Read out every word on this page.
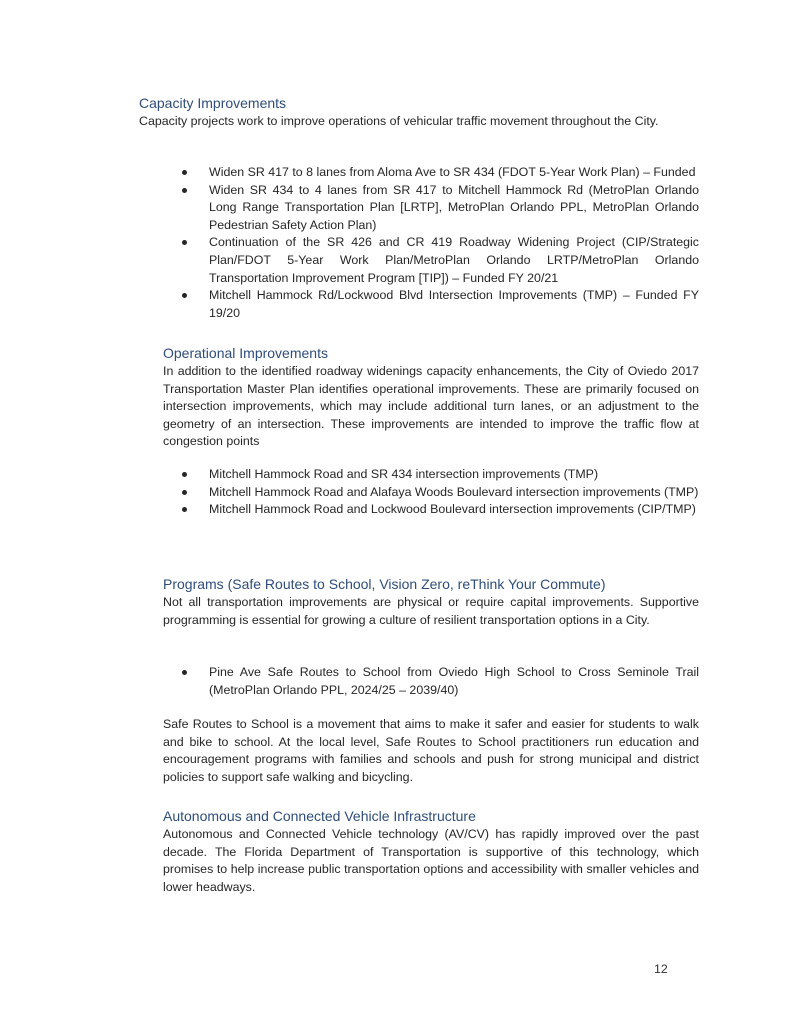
Capacity Improvements

Capacity projects work to improve operations of vehicular traffic movement throughout the City.

Widen SR 417 to 8 lanes from Aloma Ave to SR 434 (FDOT 5-Year Work Plan) – Funded
Widen SR 434 to 4 lanes from SR 417 to Mitchell Hammock Rd (MetroPlan Orlando Long Range Transportation Plan [LRTP], MetroPlan Orlando PPL, MetroPlan Orlando Pedestrian Safety Action Plan)
Continuation of the SR 426 and CR 419 Roadway Widening Project (CIP/Strategic Plan/FDOT 5-Year Work Plan/MetroPlan Orlando LRTP/MetroPlan Orlando Transportation Improvement Program [TIP]) – Funded FY 20/21
Mitchell Hammock Rd/Lockwood Blvd Intersection Improvements (TMP) – Funded FY 19/20
Operational Improvements

In addition to the identified roadway widenings capacity enhancements, the City of Oviedo 2017 Transportation Master Plan identifies operational improvements. These are primarily focused on intersection improvements, which may include additional turn lanes, or an adjustment to the geometry of an intersection. These improvements are intended to improve the traffic flow at congestion points

Mitchell Hammock Road and SR 434 intersection improvements (TMP)
Mitchell Hammock Road and Alafaya Woods Boulevard intersection improvements (TMP)
Mitchell Hammock Road and Lockwood Boulevard intersection improvements (CIP/TMP)
Programs (Safe Routes to School, Vision Zero, reThink Your Commute)

Not all transportation improvements are physical or require capital improvements. Supportive programming is essential for growing a culture of resilient transportation options in a City.

Pine Ave Safe Routes to School from Oviedo High School to Cross Seminole Trail (MetroPlan Orlando PPL, 2024/25 – 2039/40)

Safe Routes to School is a movement that aims to make it safer and easier for students to walk and bike to school. At the local level, Safe Routes to School practitioners run education and encouragement programs with families and schools and push for strong municipal and district policies to support safe walking and bicycling.

Autonomous and Connected Vehicle Infrastructure

Autonomous and Connected Vehicle technology (AV/CV) has rapidly improved over the past decade. The Florida Department of Transportation is supportive of this technology, which promises to help increase public transportation options and accessibility with smaller vehicles and lower headways.

12
